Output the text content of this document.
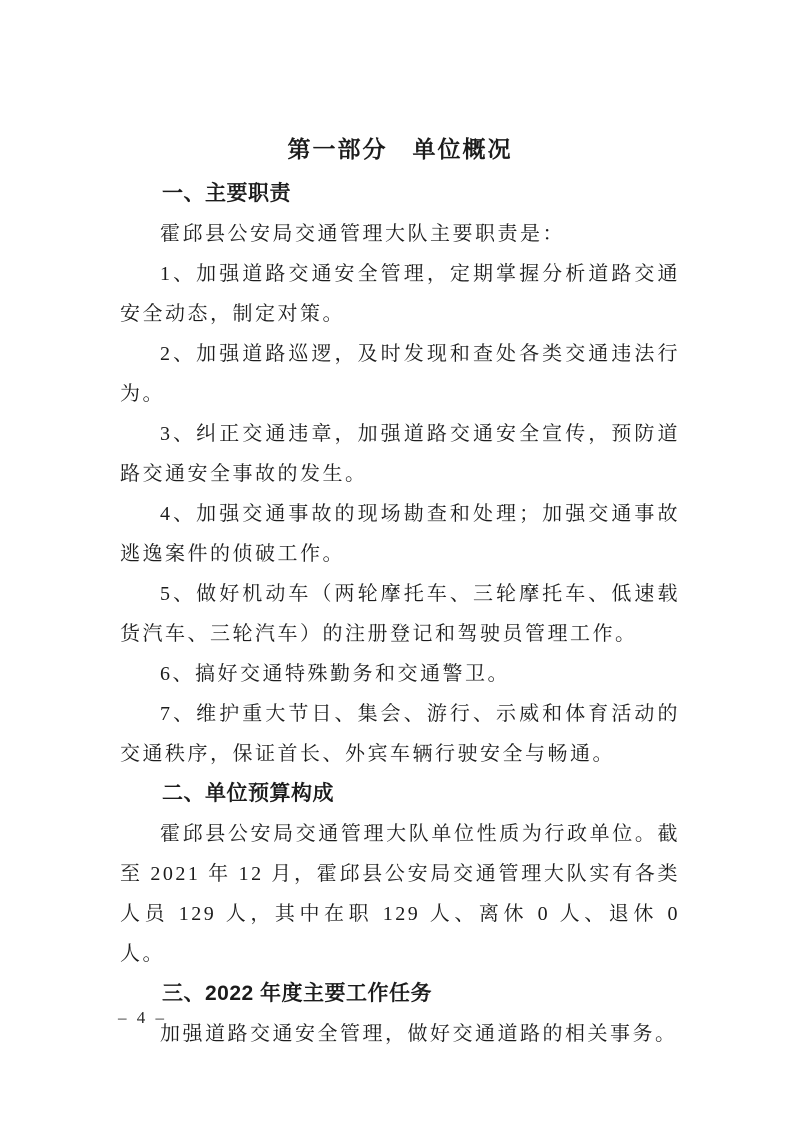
第一部分　单位概况
一、主要职责

霍邱县公安局交通管理大队主要职责是：

1、加强道路交通安全管理，定期掌握分析道路交通安全动态，制定对策。

2、加强道路巡逻，及时发现和查处各类交通违法行为。

3、纠正交通违章，加强道路交通安全宣传，预防道路交通安全事故的发生。

4、加强交通事故的现场勘查和处理；加强交通事故逃逸案件的侦破工作。

5、做好机动车（两轮摩托车、三轮摩托车、低速载货汽车、三轮汽车）的注册登记和驾驶员管理工作。

6、搞好交通特殊勤务和交通警卫。

7、维护重大节日、集会、游行、示威和体育活动的交通秩序，保证首长、外宾车辆行驶安全与畅通。

二、单位预算构成

霍邱县公安局交通管理大队单位性质为行政单位。截至 2021 年 12 月，霍邱县公安局交通管理大队实有各类人员 129 人，其中在职 129 人、离休 0 人、退休 0 人。

三、2022 年度主要工作任务

加强道路交通安全管理，做好交通道路的相关事务。

– 4 –
